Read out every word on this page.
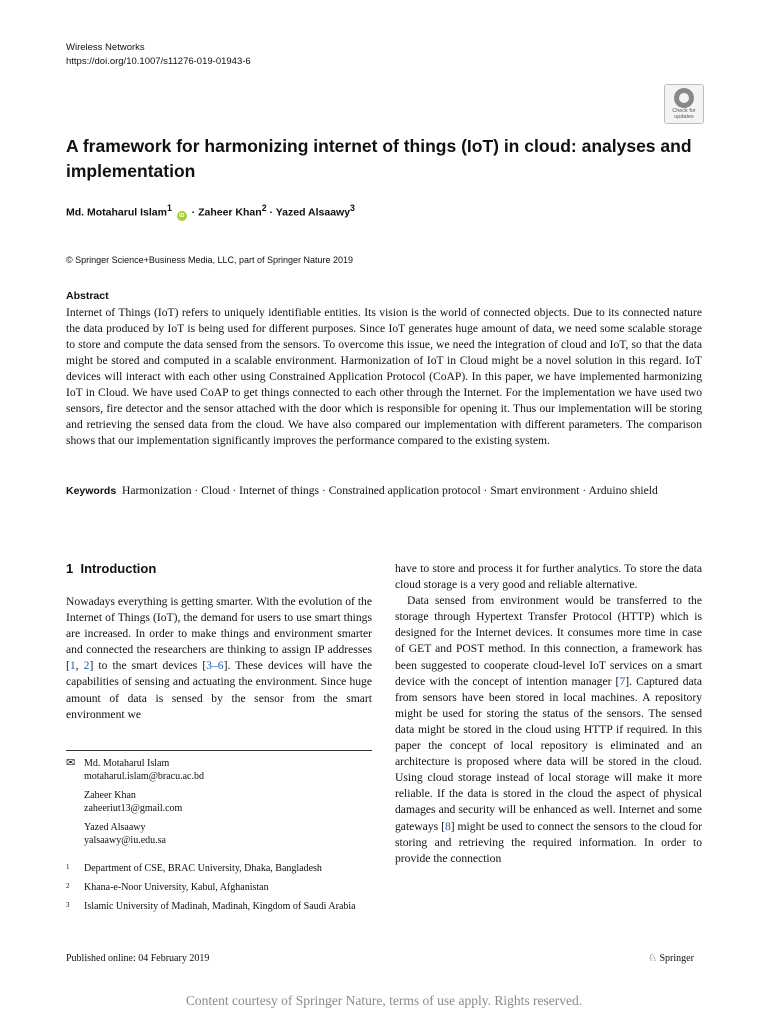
Wireless Networks
https://doi.org/10.1007/s11276-019-01943-6
Check for
updates
A framework for harmonizing internet of things (IoT) in cloud: analyses and implementation
Md. Motaharul Islam$^1$ iD · Zaheer Khan$^2$ · Yazed Alsaawy$^3$
© Springer Science+Business Media, LLC, part of Springer Nature 2019
Abstract
Internet of Things (IoT) refers to uniquely identifiable entities. Its vision is the world of connected objects. Due to its connected nature the data produced by IoT is being used for different purposes. Since IoT generates huge amount of data, we need some scalable storage to store and compute the data sensed from the sensors. To overcome this issue, we need the integration of cloud and IoT, so that the data might be stored and computed in a scalable environment. Harmonization of IoT in Cloud might be a novel solution in this regard. IoT devices will interact with each other using Constrained Application Protocol (CoAP). In this paper, we have implemented harmonizing IoT in Cloud. We have used CoAP to get things connected to each other through the Internet. For the implementation we have used two sensors, fire detector and the sensor attached with the door which is responsible for opening it. Thus our implementation will be storing and retrieving the sensed data from the cloud. We have also compared our implementation with different parameters. The comparison shows that our implementation significantly improves the performance compared to the existing system.
Keywords Harmonization · Cloud · Internet of things · Constrained application protocol · Smart environment · Arduino shield
1 Introduction

Nowadays everything is getting smarter. With the evolution of the Internet of Things (IoT), the demand for users to use smart things are increased. In order to make things and environment smarter and connected the researchers are thinking to assign IP addresses [1, 2] to the smart devices [3–6]. These devices will have the capabilities of sensing and actuating the environment. Since huge amount of data is sensed by the sensor from the smart environment we

✉ Md. Motaharul Islam
motaharul.islam@bracu.ac.bd
Zaheer Khan
zaheeriut13@gmail.com
Yazed Alsaawy
yalsaawy@iu.edu.sa
1	Department of CSE, BRAC University, Dhaka, Bangladesh
2	Khana-e-Noor University, Kabul, Afghanistan
3	Islamic University of Madinah, Madinah, Kingdom of Saudi Arabia

have to store and process it for further analytics. To store the data cloud storage is a very good and reliable alternative.

Data sensed from environment would be transferred to the storage through Hypertext Transfer Protocol (HTTP) which is designed for the Internet devices. It consumes more time in case of GET and POST method. In this connection, a framework has been suggested to cooperate cloud-level IoT services on a smart device with the concept of intention manager [7]. Captured data from sensors have been stored in local machines. A repository might be used for storing the status of the sensors. The sensed data might be stored in the cloud using HTTP if required. In this paper the concept of local repository is eliminated and an architecture is proposed where data will be stored in the cloud. Using cloud storage instead of local storage will make it more reliable. If the data is stored in the cloud the aspect of physical damages and security will be enhanced as well. Internet and some gateways [8] might be used to connect the sensors to the cloud for storing and retrieving the required information. In order to provide the connection

Published online: 04 February 2019	♘ Springer
Content courtesy of Springer Nature, terms of use apply. Rights reserved.
